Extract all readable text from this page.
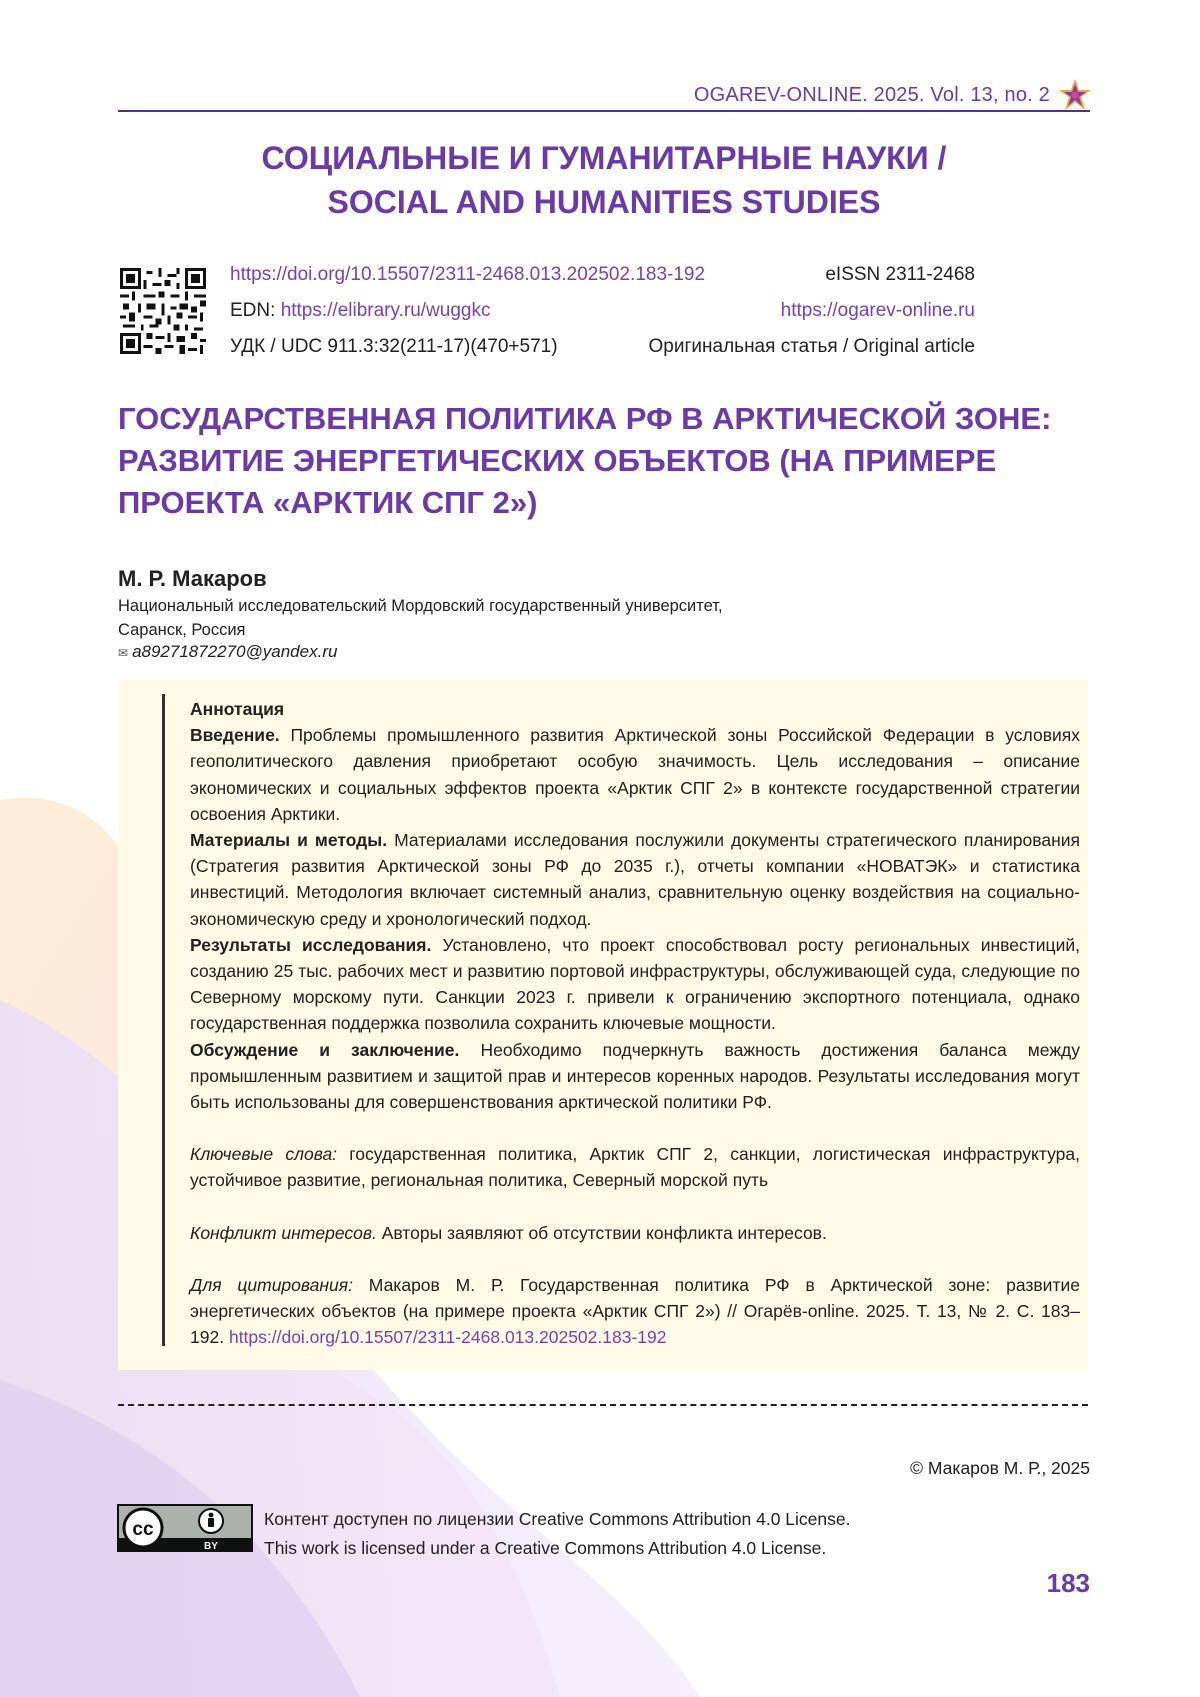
OGAREV-ONLINE. 2025. Vol. 13, no. 2
СОЦИАЛЬНЫЕ И ГУМАНИТАРНЫЕ НАУКИ /
SOCIAL AND HUMANITIES STUDIES
https://doi.org/10.15507/2311-2468.013.202502.183-192	eISSN 2311-2468
EDN: https://elibrary.ru/wuggkc	https://ogarev-online.ru
УДК / UDC 911.3:32(211-17)(470+571)	Оригинальная статья / Original article
ГОСУДАРСТВЕННАЯ ПОЛИТИКА РФ В АРКТИЧЕСКОЙ ЗОНЕ:
РАЗВИТИЕ ЭНЕРГЕТИЧЕСКИХ ОБЪЕКТОВ (НА ПРИМЕРЕ
ПРОЕКТА «АРКТИК СПГ 2»)
М. Р. Макаров
Национальный исследовательский Мордовский государственный университет,
Саранск, Россия
✉ a89271872270@yandex.ru

Аннотация

Введение. Проблемы промышленного развития Арктической зоны Российской Федерации в условиях геополитического давления приобретают особую значимость. Цель исследования – описание экономических и социальных эффектов проекта «Арктик СПГ 2» в контексте государственной стратегии освоения Арктики.

Материалы и методы. Материалами исследования послужили документы стратегического планирования (Стратегия развития Арктической зоны РФ до 2035 г.), отчеты компании «НОВАТЭК» и статистика инвестиций. Методология включает системный анализ, сравнительную оценку воздействия на социально-экономическую среду и хронологический подход.

Результаты исследования. Установлено, что проект способствовал росту региональных инвестиций, созданию 25 тыс. рабочих мест и развитию портовой инфраструктуры, обслуживающей суда, следующие по Северному морскому пути. Санкции 2023 г. привели к ограничению экспортного потенциала, однако государственная поддержка позволила сохранить ключевые мощности.

Обсуждение и заключение. Необходимо подчеркнуть важность достижения баланса между промышленным развитием и защитой прав и интересов коренных народов. Результаты исследования могут быть использованы для совершенствования арктической политики РФ.

Ключевые слова: государственная политика, Арктик СПГ 2, санкции, логистическая инфраструктура, устойчивое развитие, региональная политика, Северный морской путь

Конфликт интересов. Авторы заявляют об отсутствии конфликта интересов.

Для цитирования: Макаров М. Р. Государственная политика РФ в Арктической зоне: развитие энергетических объектов (на примере проекта «Арктик СПГ 2») // Огарёв-online. 2025. Т. 13, № 2. С. 183–192. https://doi.org/10.15507/2311-2468.013.202502.183-192

© Макаров М. Р., 2025
cc
BY
Контент доступен по лицензии Creative Commons Attribution 4.0 License.
This work is licensed under a Creative Commons Attribution 4.0 License.
183
